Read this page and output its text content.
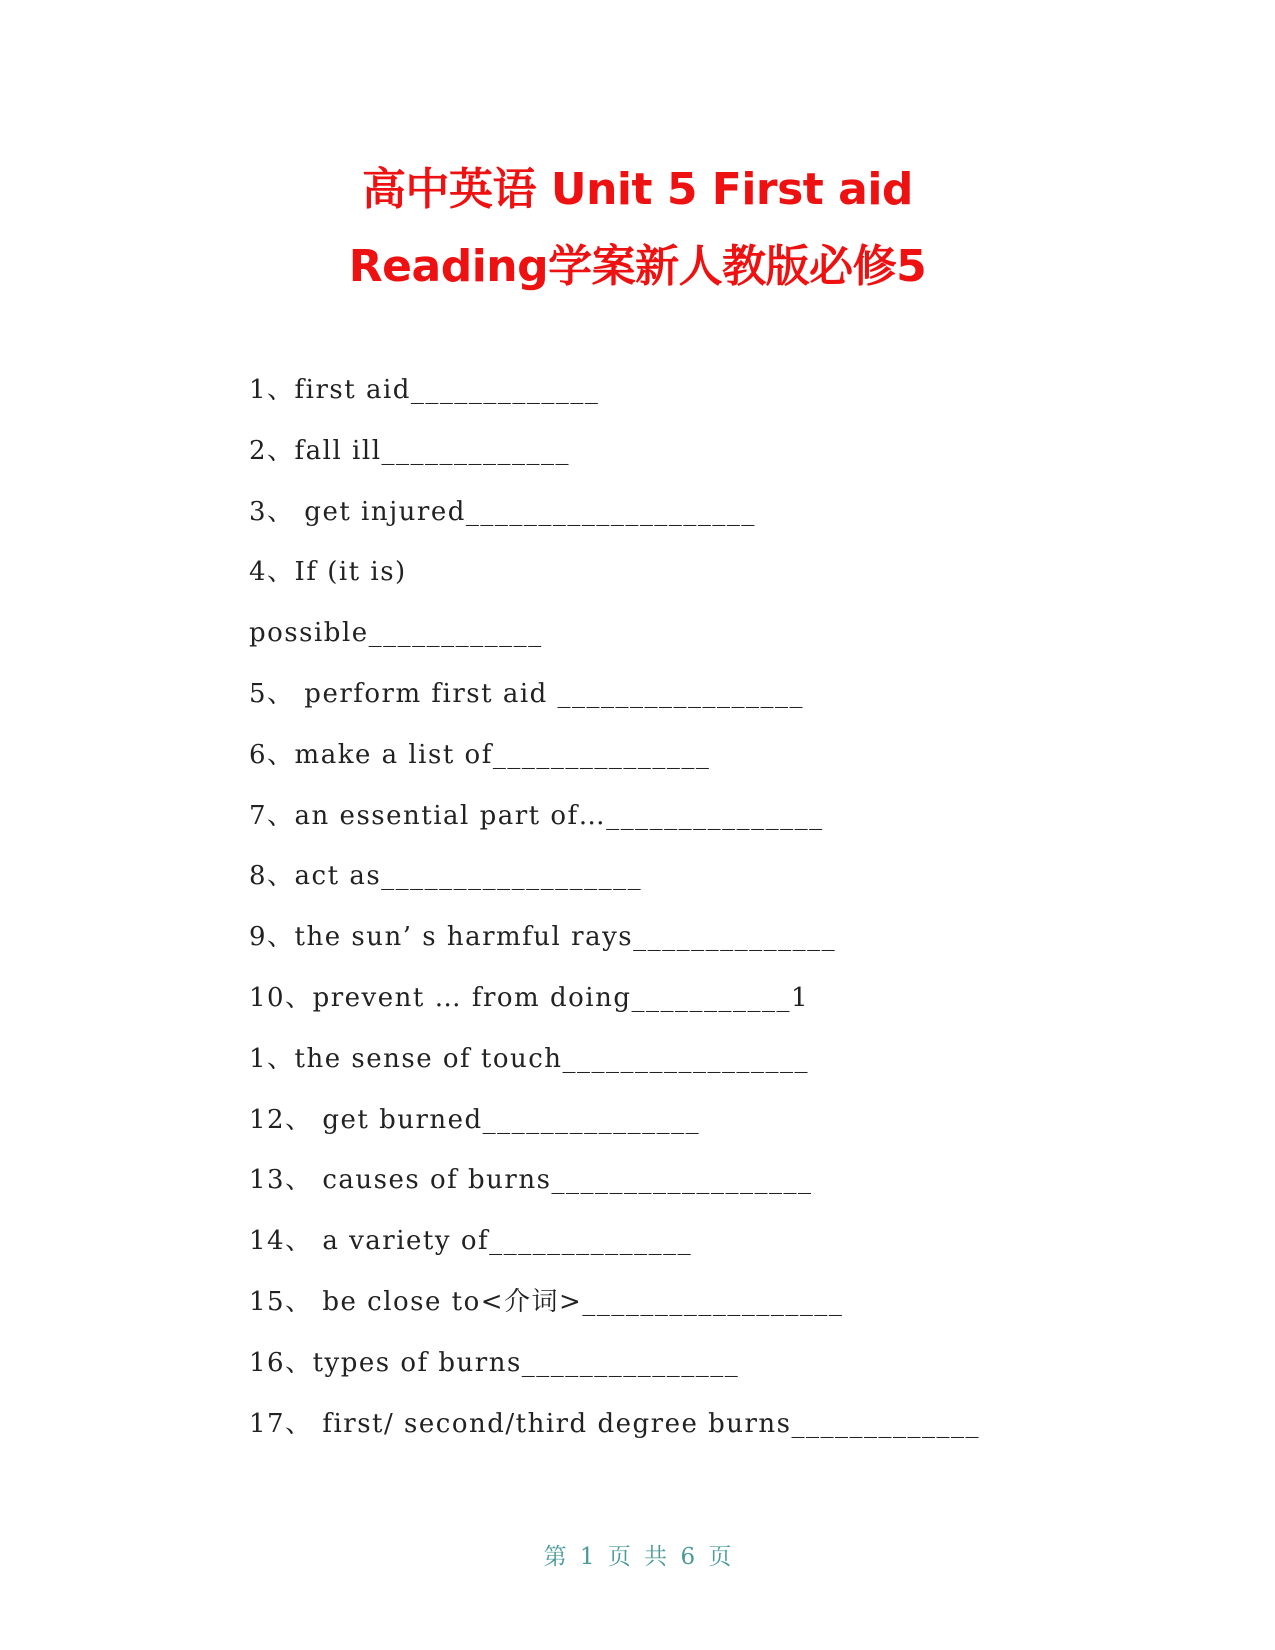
高中英语 Unit 5 First aid
Reading学案新人教版必修5
1、first aid_____________
2、fall ill_____________
3、 get injured____________________
4、If (it is)
possible____________
5、 perform first aid _________________
6、make a list of_______________
7、an essential part of…_______________
8、act as__________________
9、the sun’ s harmful rays______________
10、prevent … from doing___________1
1、the sense of touch_________________
12、 get burned_______________
13、 causes of burns__________________
14、 a variety of______________
15、 be close to<介词>__________________
16、types of burns_______________
17、 first/ second/third degree burns_____________
第 1 页 共 6 页
